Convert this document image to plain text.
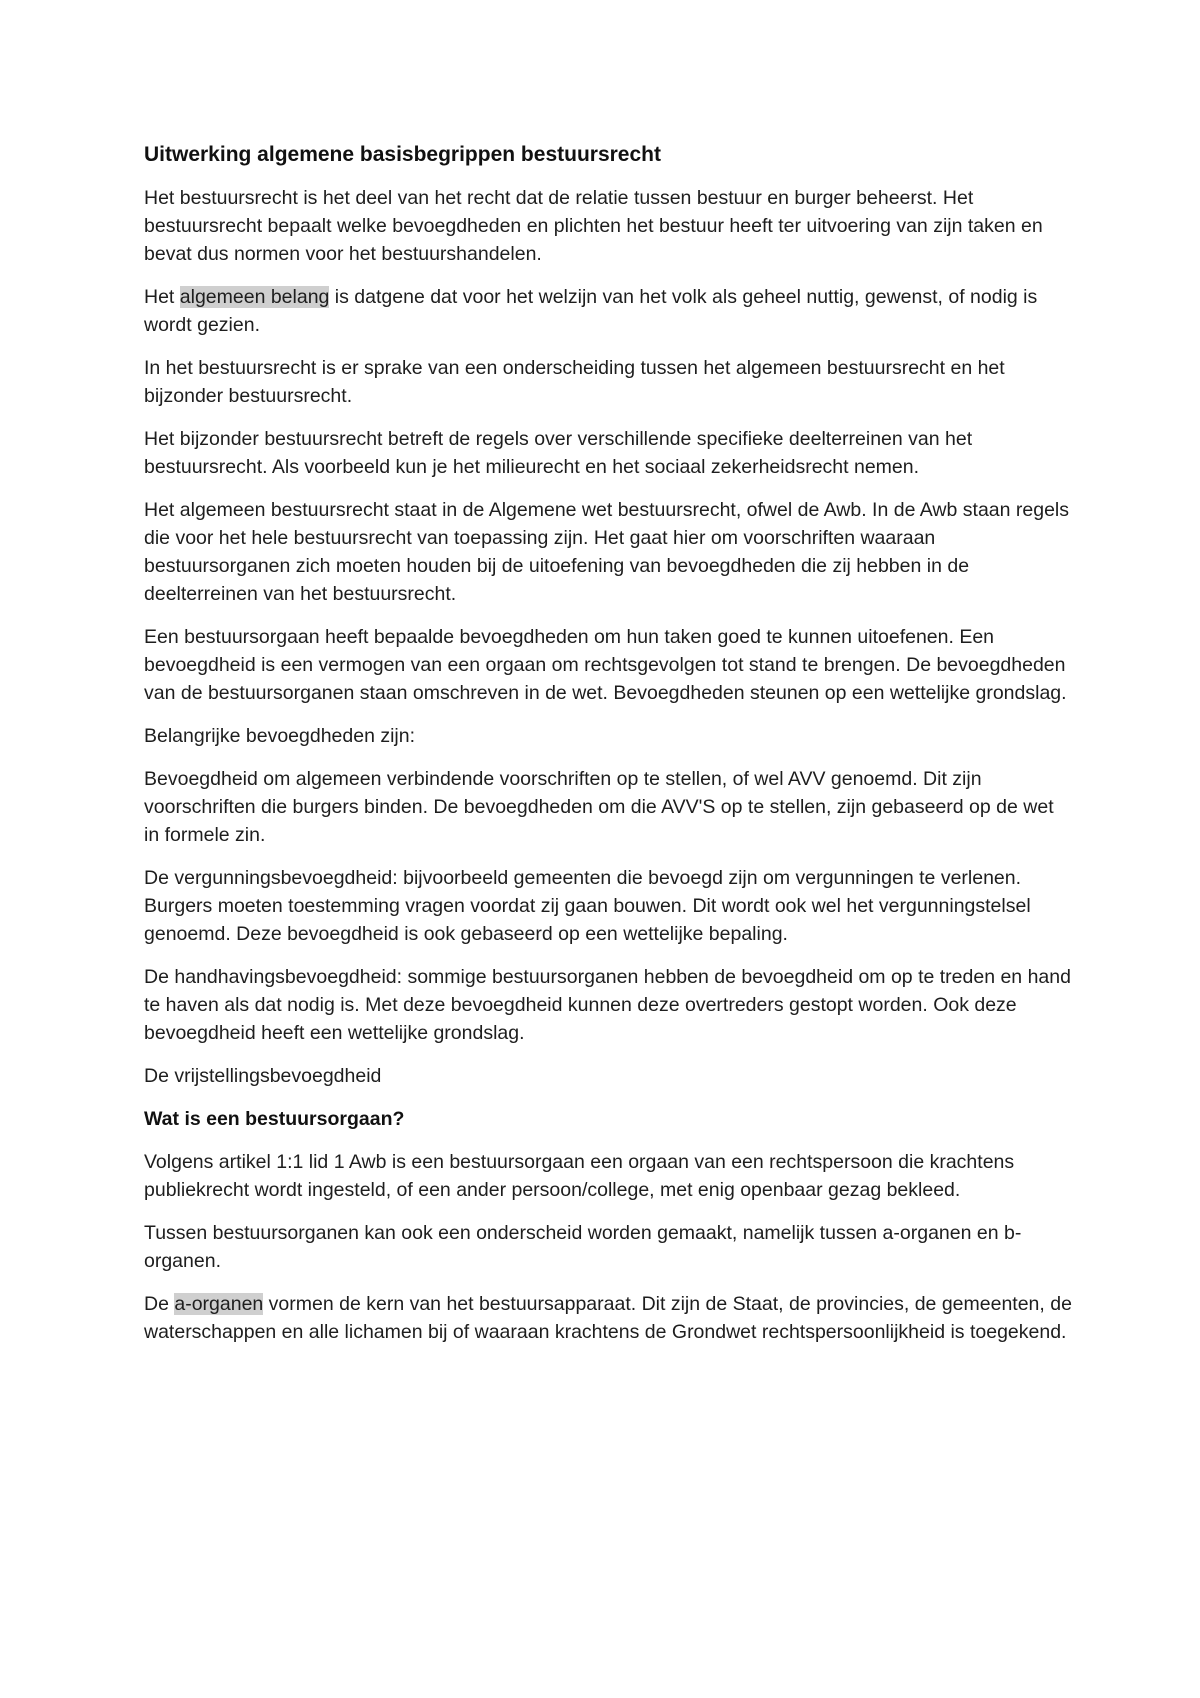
Uitwerking algemene basisbegrippen bestuursrecht

Het bestuursrecht is het deel van het recht dat de relatie tussen bestuur en burger beheerst. Het bestuursrecht bepaalt welke bevoegdheden en plichten het bestuur heeft ter uitvoering van zijn taken en bevat dus normen voor het bestuurshandelen.

Het algemeen belang is datgene dat voor het welzijn van het volk als geheel nuttig, gewenst, of nodig is wordt gezien.

In het bestuursrecht is er sprake van een onderscheiding tussen het algemeen bestuursrecht en het bijzonder bestuursrecht.

Het bijzonder bestuursrecht betreft de regels over verschillende specifieke deelterreinen van het bestuursrecht. Als voorbeeld kun je het milieurecht en het sociaal zekerheidsrecht nemen.

Het algemeen bestuursrecht staat in de Algemene wet bestuursrecht, ofwel de Awb. In de Awb staan regels die voor het hele bestuursrecht van toepassing zijn. Het gaat hier om voorschriften waaraan bestuursorganen zich moeten houden bij de uitoefening van bevoegdheden die zij hebben in de deelterreinen van het bestuursrecht.

Een bestuursorgaan heeft bepaalde bevoegdheden om hun taken goed te kunnen uitoefenen. Een bevoegdheid is een vermogen van een orgaan om rechtsgevolgen tot stand te brengen. De bevoegdheden van de bestuursorganen staan omschreven in de wet. Bevoegdheden steunen op een wettelijke grondslag.

Belangrijke bevoegdheden zijn:

Bevoegdheid om algemeen verbindende voorschriften op te stellen, of wel AVV genoemd. Dit zijn voorschriften die burgers binden. De bevoegdheden om die AVV'S op te stellen, zijn gebaseerd op de wet in formele zin.

De vergunningsbevoegdheid: bijvoorbeeld gemeenten die bevoegd zijn om vergunningen te verlenen. Burgers moeten toestemming vragen voordat zij gaan bouwen. Dit wordt ook wel het vergunningstelsel genoemd. Deze bevoegdheid is ook gebaseerd op een wettelijke bepaling.

De handhavingsbevoegdheid: sommige bestuursorganen hebben de bevoegdheid om op te treden en hand te haven als dat nodig is. Met deze bevoegdheid kunnen deze overtreders gestopt worden. Ook deze bevoegdheid heeft een wettelijke grondslag.

De vrijstellingsbevoegdheid

Wat is een bestuursorgaan?

Volgens artikel 1:1 lid 1 Awb is een bestuursorgaan een orgaan van een rechtspersoon die krachtens publiekrecht wordt ingesteld, of een ander persoon/college, met enig openbaar gezag bekleed.

Tussen bestuursorganen kan ook een onderscheid worden gemaakt, namelijk tussen a-organen en b-organen.

De a-organen vormen de kern van het bestuursapparaat. Dit zijn de Staat, de provincies, de gemeenten, de waterschappen en alle lichamen bij of waaraan krachtens de Grondwet rechtspersoonlijkheid is toegekend.
